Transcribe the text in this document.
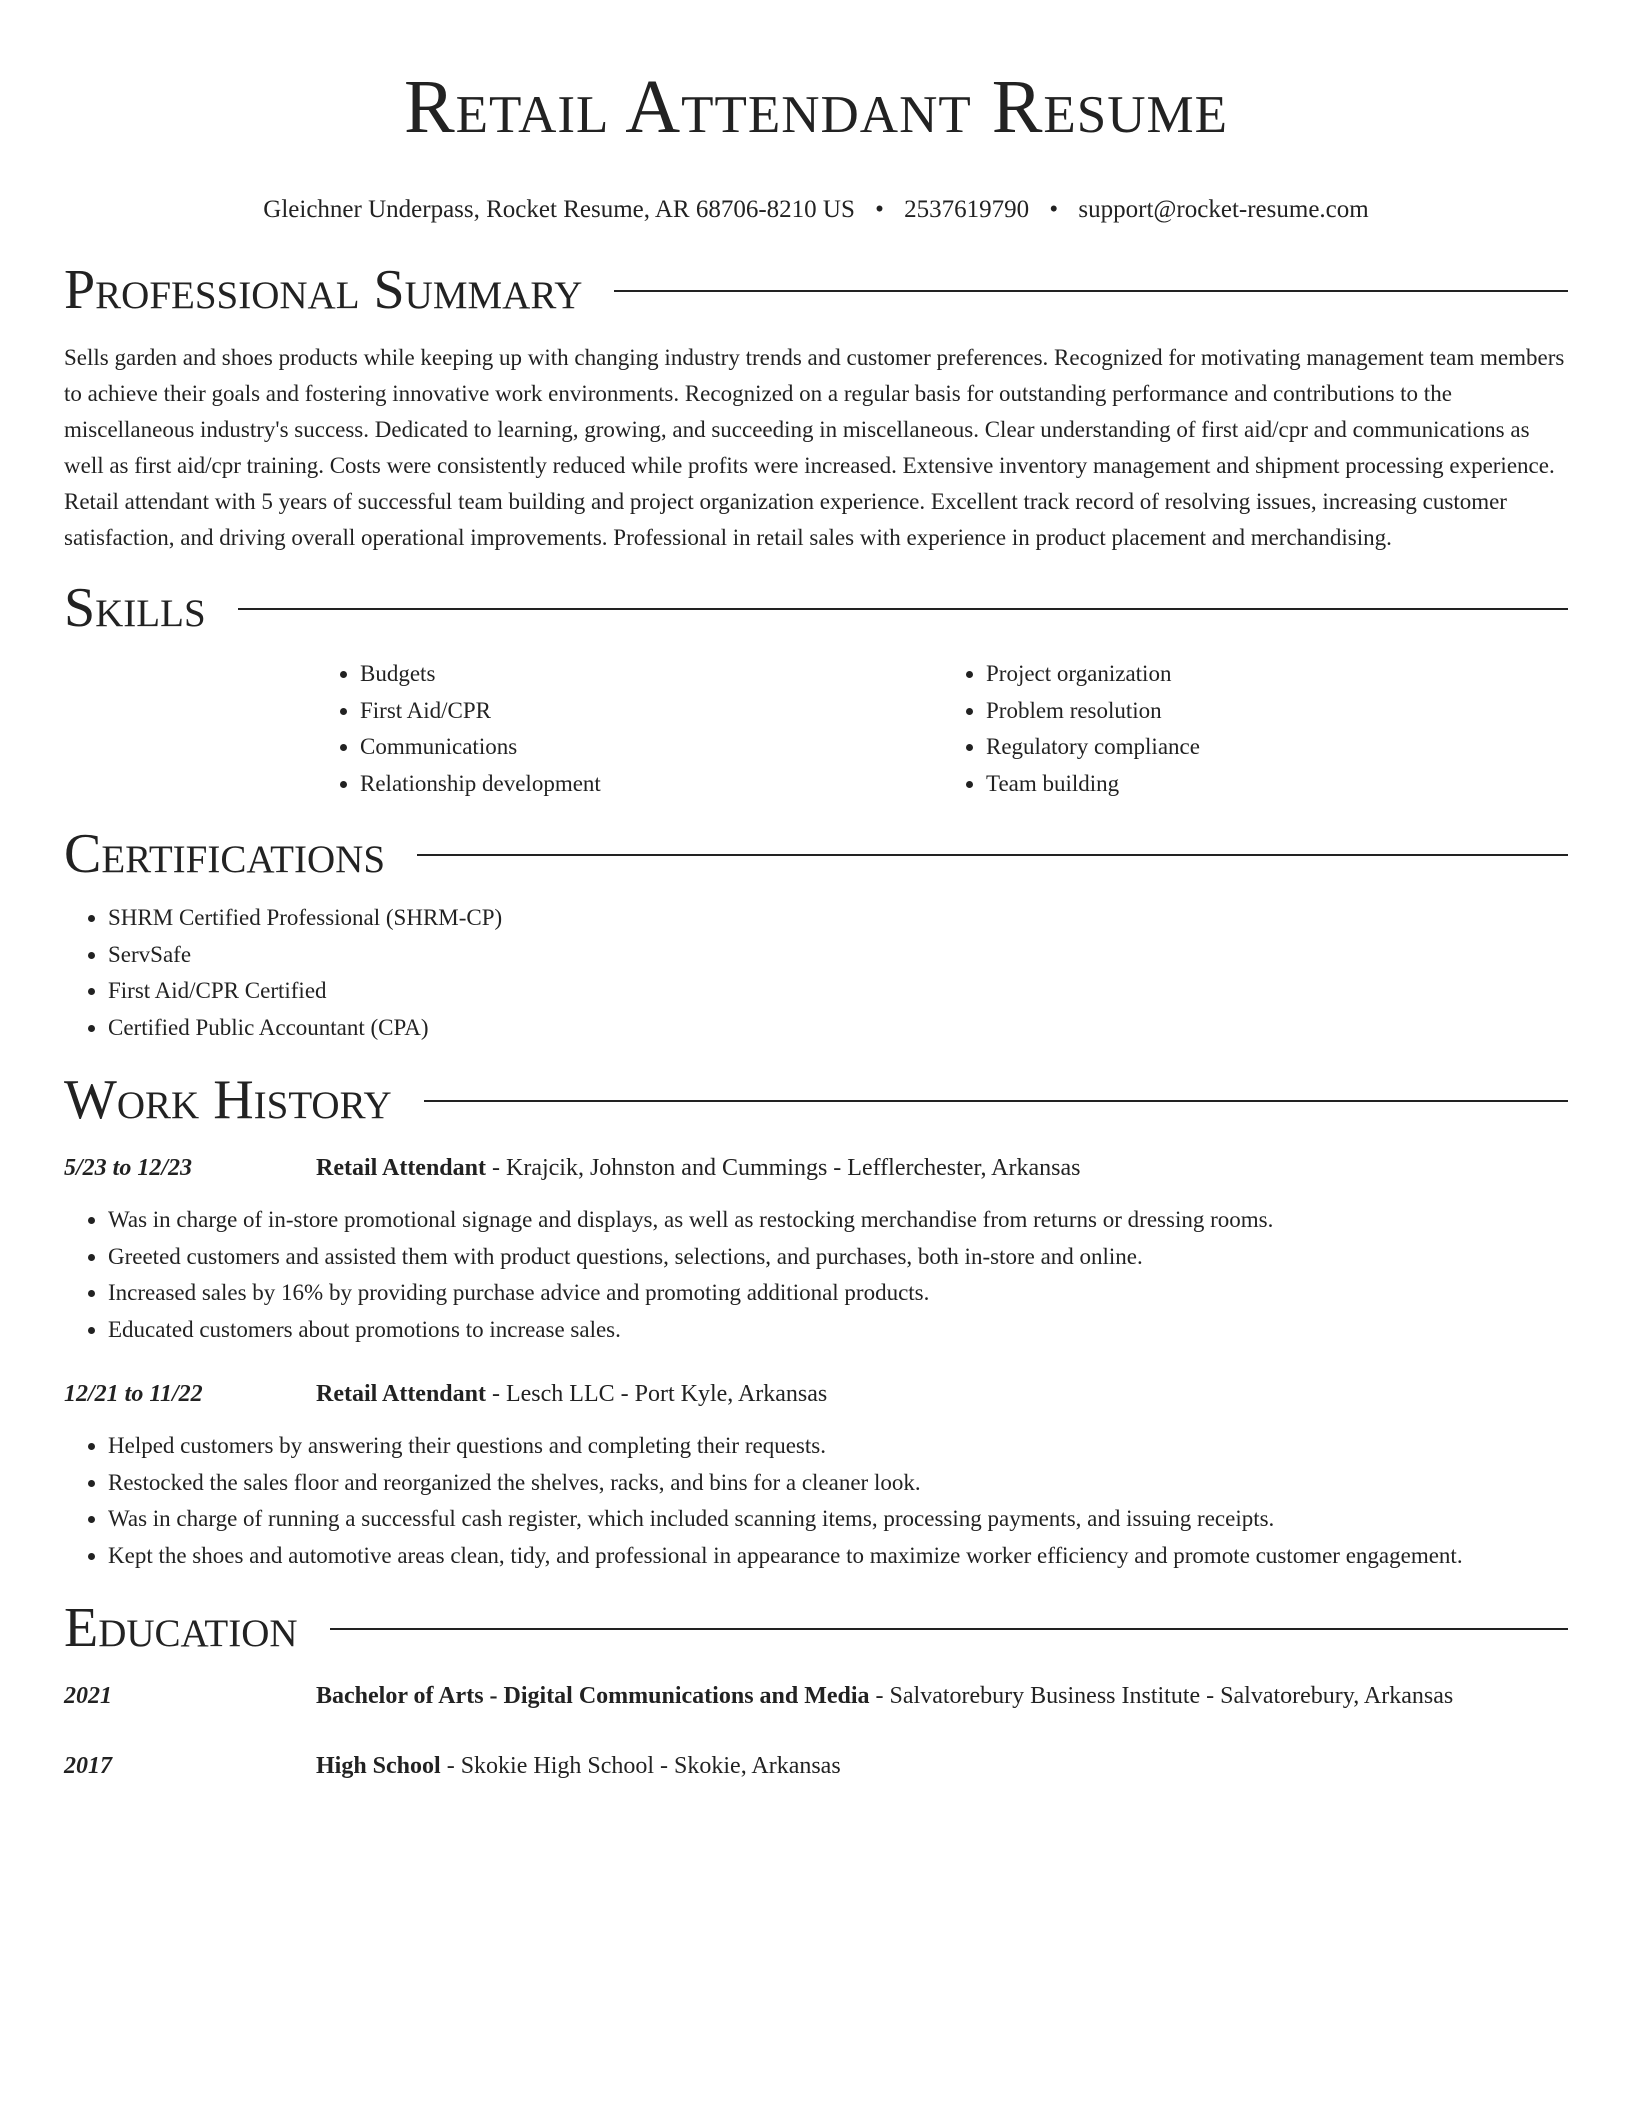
Retail Attendant Resume
Gleichner Underpass, Rocket Resume, AR 68706-8210 US • 2537619790 • support@rocket-resume.com
Professional Summary

Sells garden and shoes products while keeping up with changing industry trends and customer preferences. Recognized for motivating management team members to achieve their goals and fostering innovative work environments. Recognized on a regular basis for outstanding performance and contributions to the miscellaneous industry's success. Dedicated to learning, growing, and succeeding in miscellaneous. Clear understanding of first aid/cpr and communications as well as first aid/cpr training. Costs were consistently reduced while profits were increased. Extensive inventory management and shipment processing experience. Retail attendant with 5 years of successful team building and project organization experience. Excellent track record of resolving issues, increasing customer satisfaction, and driving overall operational improvements. Professional in retail sales with experience in product placement and merchandising.

Skills
• Budgets
• First Aid/CPR
• Communications
• Relationship development
• Project organization
• Problem resolution
• Regulatory compliance
• Team building
Certifications
• SHRM Certified Professional (SHRM-CP)
• ServSafe
• First Aid/CPR Certified
• Certified Public Accountant (CPA)
Work History
5/23 to 12/23	Retail Attendant - Krajcik, Johnston and Cummings - Lefflerchester, Arkansas
• Was in charge of in-store promotional signage and displays, as well as restocking merchandise from returns or dressing rooms.
• Greeted customers and assisted them with product questions, selections, and purchases, both in-store and online.
• Increased sales by 16% by providing purchase advice and promoting additional products.
• Educated customers about promotions to increase sales.
12/21 to 11/22	Retail Attendant - Lesch LLC - Port Kyle, Arkansas
• Helped customers by answering their questions and completing their requests.
• Restocked the sales floor and reorganized the shelves, racks, and bins for a cleaner look.
• Was in charge of running a successful cash register, which included scanning items, processing payments, and issuing receipts.
• Kept the shoes and automotive areas clean, tidy, and professional in appearance to maximize worker efficiency and promote customer engagement.
Education
2021	Bachelor of Arts - Digital Communications and Media - Salvatorebury Business Institute - Salvatorebury, Arkansas
2017	High School - Skokie High School - Skokie, Arkansas
